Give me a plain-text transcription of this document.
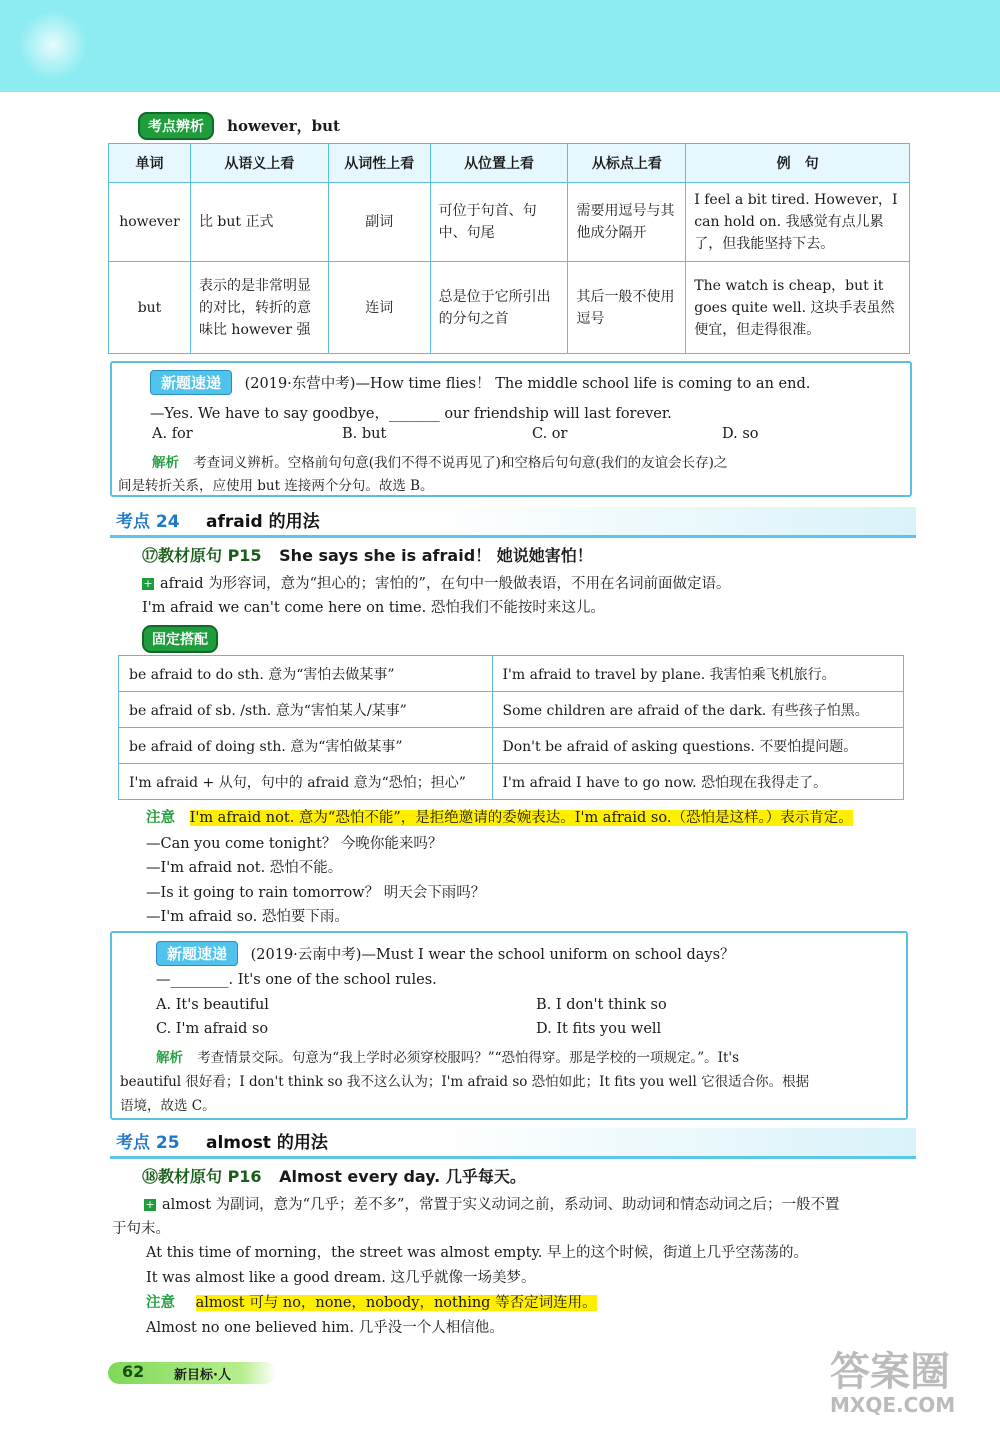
考点辨析 however，but
单词	从语义上看	从词性上看	从位置上看	从标点上看	例　句
however	比 but 正式	副词	可位于句首、句中、句尾	需要用逗号与其他成分隔开	I feel a bit tired. However，I can hold on. 我感觉有点儿累了，但我能坚持下去。
but	表示的是非常明显的对比，转折的意味比 however 强	连词	总是位于它所引出的分句之首	其后一般不使用逗号	The watch is cheap，but it goes quite well. 这块手表虽然便宜，但走得很准。
新题速递 (2019·东营中考)—How time flies！ The middle school life is coming to an end.
—Yes. We have to say goodbye，_______ our friendship will last forever.
A. for	B. but	C. or	D. so
解析 考查词义辨析。空格前句句意(我们不得不说再见了)和空格后句句意(我们的友谊会长存)之
间是转折关系，应使用 but 连接两个分句。故选 B。
考点 24 afraid 的用法
⑰教材原句 P15 She says she is afraid！ 她说她害怕！
+ afraid 为形容词，意为“担心的；害怕的”，在句中一般做表语，不用在名词前面做定语。
I'm afraid we can't come here on time. 恐怕我们不能按时来这儿。
固定搭配
be afraid to do sth. 意为“害怕去做某事”	I'm afraid to travel by plane. 我害怕乘飞机旅行。
be afraid of sb. /sth. 意为“害怕某人/某事”	Some children are afraid of the dark. 有些孩子怕黑。
be afraid of doing sth. 意为“害怕做某事”	Don't be afraid of asking questions. 不要怕提问题。
I'm afraid + 从句，句中的 afraid 意为“恐怕；担心”	I'm afraid I have to go now. 恐怕现在我得走了。
注意 I'm afraid not. 意为“恐怕不能”，是拒绝邀请的委婉表达。I'm afraid so.（恐怕是这样。）表示肯定。
—Can you come tonight？ 今晚你能来吗？
—I'm afraid not. 恐怕不能。
—Is it going to rain tomorrow？ 明天会下雨吗？
—I'm afraid so. 恐怕要下雨。
新题速递 (2019·云南中考)—Must I wear the school uniform on school days？
—________. It's one of the school rules.
A. It's beautiful	B. I don't think so
C. I'm afraid so	D. It fits you well
解析 考查情景交际。句意为“我上学时必须穿校服吗？”“恐怕得穿。那是学校的一项规定。”。It's
beautiful 很好看；I don't think so 我不这么认为；I'm afraid so 恐怕如此；It fits you well 它很适合你。根据
语境，故选 C。
考点 25 almost 的用法
⑱教材原句 P16 Almost every day. 几乎每天。
+ almost 为副词，意为“几乎；差不多”，常置于实义动词之前，系动词、助动词和情态动词之后；一般不置
于句末。
At this time of morning，the street was almost empty. 早上的这个时候，街道上几乎空荡荡的。
It was almost like a good dream. 这几乎就像一场美梦。
注意 almost 可与 no，none，nobody，nothing 等否定词连用。
Almost no one believed him. 几乎没一个人相信他。
62 新目标·人	答案圈
MXQE.COM
